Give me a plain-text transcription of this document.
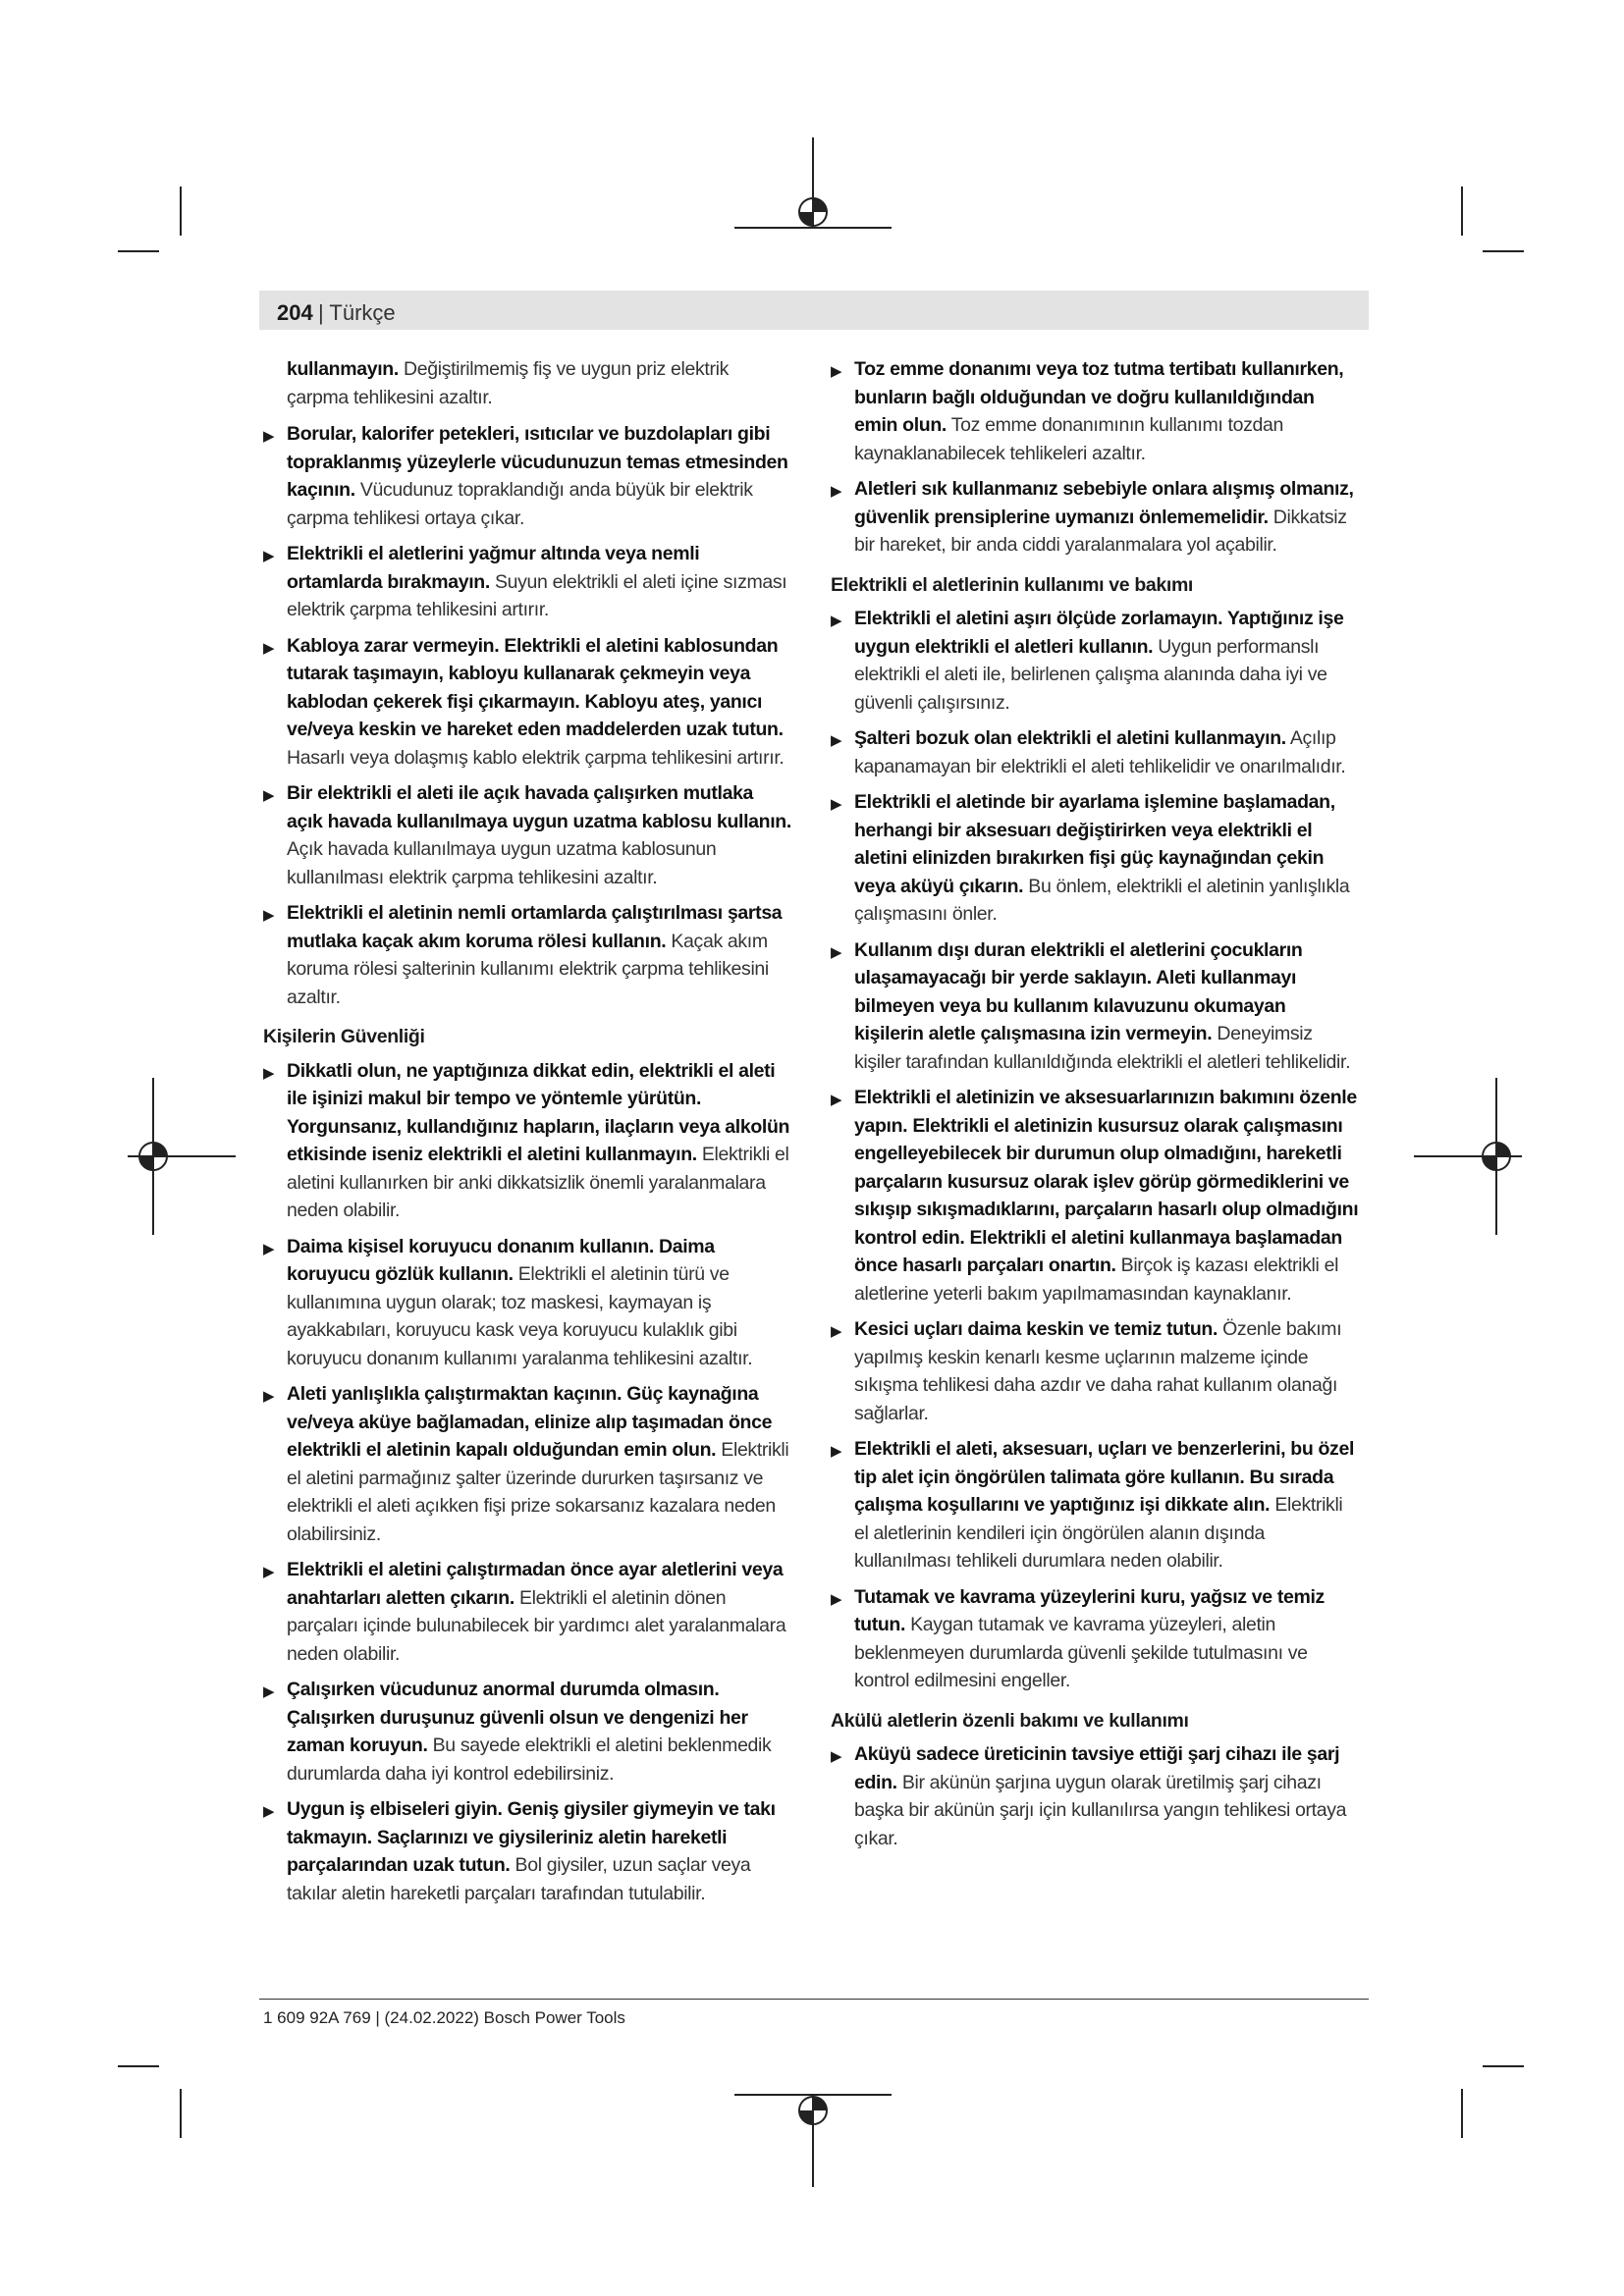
204 | Türkçe

kullanmayın. Değiştirilmemiş fiş ve uygun priz elektrik çarpma tehlikesini azaltır.

▶ Borular, kalorifer petekleri, ısıtıcılar ve buzdolapları gibi topraklanmış yüzeylerle vücudunuzun temas etmesinden kaçının. Vücudunuz topraklandığı anda büyük bir elektrik çarpma tehlikesi ortaya çıkar.
▶ Elektrikli el aletlerini yağmur altında veya nemli ortamlarda bırakmayın. Suyun elektrikli el aleti içine sızması elektrik çarpma tehlikesini artırır.
▶ Kabloya zarar vermeyin. Elektrikli el aletini kablosundan tutarak taşımayın, kabloyu kullanarak çekmeyin veya kablodan çekerek fişi çıkarmayın. Kabloyu ateş, yanıcı ve/veya keskin ve hareket eden maddelerden uzak tutun. Hasarlı veya dolaşmış kablo elektrik çarpma tehlikesini artırır.
▶ Bir elektrikli el aleti ile açık havada çalışırken mutlaka açık havada kullanılmaya uygun uzatma kablosu kullanın. Açık havada kullanılmaya uygun uzatma kablosunun kullanılması elektrik çarpma tehlikesini azaltır.
▶ Elektrikli el aletinin nemli ortamlarda çalıştırılması şartsa mutlaka kaçak akım koruma rölesi kullanın. Kaçak akım koruma rölesi şalterinin kullanımı elektrik çarpma tehlikesini azaltır.
Kişilerin Güvenliği
▶ Dikkatli olun, ne yaptığınıza dikkat edin, elektrikli el aleti ile işinizi makul bir tempo ve yöntemle yürütün. Yorgunsanız, kullandığınız hapların, ilaçların veya alkolün etkisinde iseniz elektrikli el aletini kullanmayın. Elektrikli el aletini kullanırken bir anki dikkatsizlik önemli yaralanmalara neden olabilir.
▶ Daima kişisel koruyucu donanım kullanın. Daima koruyucu gözlük kullanın. Elektrikli el aletinin türü ve kullanımına uygun olarak; toz maskesi, kaymayan iş ayakkabıları, koruyucu kask veya koruyucu kulaklık gibi koruyucu donanım kullanımı yaralanma tehlikesini azaltır.
▶ Aleti yanlışlıkla çalıştırmaktan kaçının. Güç kaynağına ve/veya aküye bağlamadan, elinize alıp taşımadan önce elektrikli el aletinin kapalı olduğundan emin olun. Elektrikli el aletini parmağınız şalter üzerinde dururken taşırsanız ve elektrikli el aleti açıkken fişi prize sokarsanız kazalara neden olabilirsiniz.
▶ Elektrikli el aletini çalıştırmadan önce ayar aletlerini veya anahtarları aletten çıkarın. Elektrikli el aletinin dönen parçaları içinde bulunabilecek bir yardımcı alet yaralanmalara neden olabilir.
▶ Çalışırken vücudunuz anormal durumda olmasın. Çalışırken duruşunuz güvenli olsun ve dengenizi her zaman koruyun. Bu sayede elektrikli el aletini beklenmedik durumlarda daha iyi kontrol edebilirsiniz.
▶ Uygun iş elbiseleri giyin. Geniş giysiler giymeyin ve takı takmayın. Saçlarınızı ve giysileriniz aletin hareketli parçalarından uzak tutun. Bol giysiler, uzun saçlar veya takılar aletin hareketli parçaları tarafından tutulabilir.
▶ Toz emme donanımı veya toz tutma tertibatı kullanırken, bunların bağlı olduğundan ve doğru kullanıldığından emin olun. Toz emme donanımının kullanımı tozdan kaynaklanabilecek tehlikeleri azaltır.
▶ Aletleri sık kullanmanız sebebiyle onlara alışmış olmanız, güvenlik prensiplerine uymanızı önlememelidir. Dikkatsiz bir hareket, bir anda ciddi yaralanmalara yol açabilir.
Elektrikli el aletlerinin kullanımı ve bakımı
▶ Elektrikli el aletini aşırı ölçüde zorlamayın. Yaptığınız işe uygun elektrikli el aletleri kullanın. Uygun performanslı elektrikli el aleti ile, belirlenen çalışma alanında daha iyi ve güvenli çalışırsınız.
▶ Şalteri bozuk olan elektrikli el aletini kullanmayın. Açılıp kapanamayan bir elektrikli el aleti tehlikelidir ve onarılmalıdır.
▶ Elektrikli el aletinde bir ayarlama işlemine başlamadan, herhangi bir aksesuarı değiştirirken veya elektrikli el aletini elinizden bırakırken fişi güç kaynağından çekin veya aküyü çıkarın. Bu önlem, elektrikli el aletinin yanlışlıkla çalışmasını önler.
▶ Kullanım dışı duran elektrikli el aletlerini çocukların ulaşamayacağı bir yerde saklayın. Aleti kullanmayı bilmeyen veya bu kullanım kılavuzunu okumayan kişilerin aletle çalışmasına izin vermeyin. Deneyimsiz kişiler tarafından kullanıldığında elektrikli el aletleri tehlikelidir.
▶ Elektrikli el aletinizin ve aksesuarlarınızın bakımını özenle yapın. Elektrikli el aletinizin kusursuz olarak çalışmasını engelleyebilecek bir durumun olup olmadığını, hareketli parçaların kusursuz olarak işlev görüp görmediklerini ve sıkışıp sıkışmadıklarını, parçaların hasarlı olup olmadığını kontrol edin. Elektrikli el aletini kullanmaya başlamadan önce hasarlı parçaları onartın. Birçok iş kazası elektrikli el aletlerine yeterli bakım yapılmamasından kaynaklanır.
▶ Kesici uçları daima keskin ve temiz tutun. Özenle bakımı yapılmış keskin kenarlı kesme uçlarının malzeme içinde sıkışma tehlikesi daha azdır ve daha rahat kullanım olanağı sağlarlar.
▶ Elektrikli el aleti, aksesuarı, uçları ve benzerlerini, bu özel tip alet için öngörülen talimata göre kullanın. Bu sırada çalışma koşullarını ve yaptığınız işi dikkate alın. Elektrikli el aletlerinin kendileri için öngörülen alanın dışında kullanılması tehlikeli durumlara neden olabilir.
▶ Tutamak ve kavrama yüzeylerini kuru, yağsız ve temiz tutun. Kaygan tutamak ve kavrama yüzeyleri, aletin beklenmeyen durumlarda güvenli şekilde tutulmasını ve kontrol edilmesini engeller.
Akülü aletlerin özenli bakımı ve kullanımı
▶ Aküyü sadece üreticinin tavsiye ettiği şarj cihazı ile şarj edin. Bir akünün şarjına uygun olarak üretilmiş şarj cihazı başka bir akünün şarjı için kullanılırsa yangın tehlikesi ortaya çıkar.
1 609 92A 769 | (24.02.2022) Bosch Power Tools
